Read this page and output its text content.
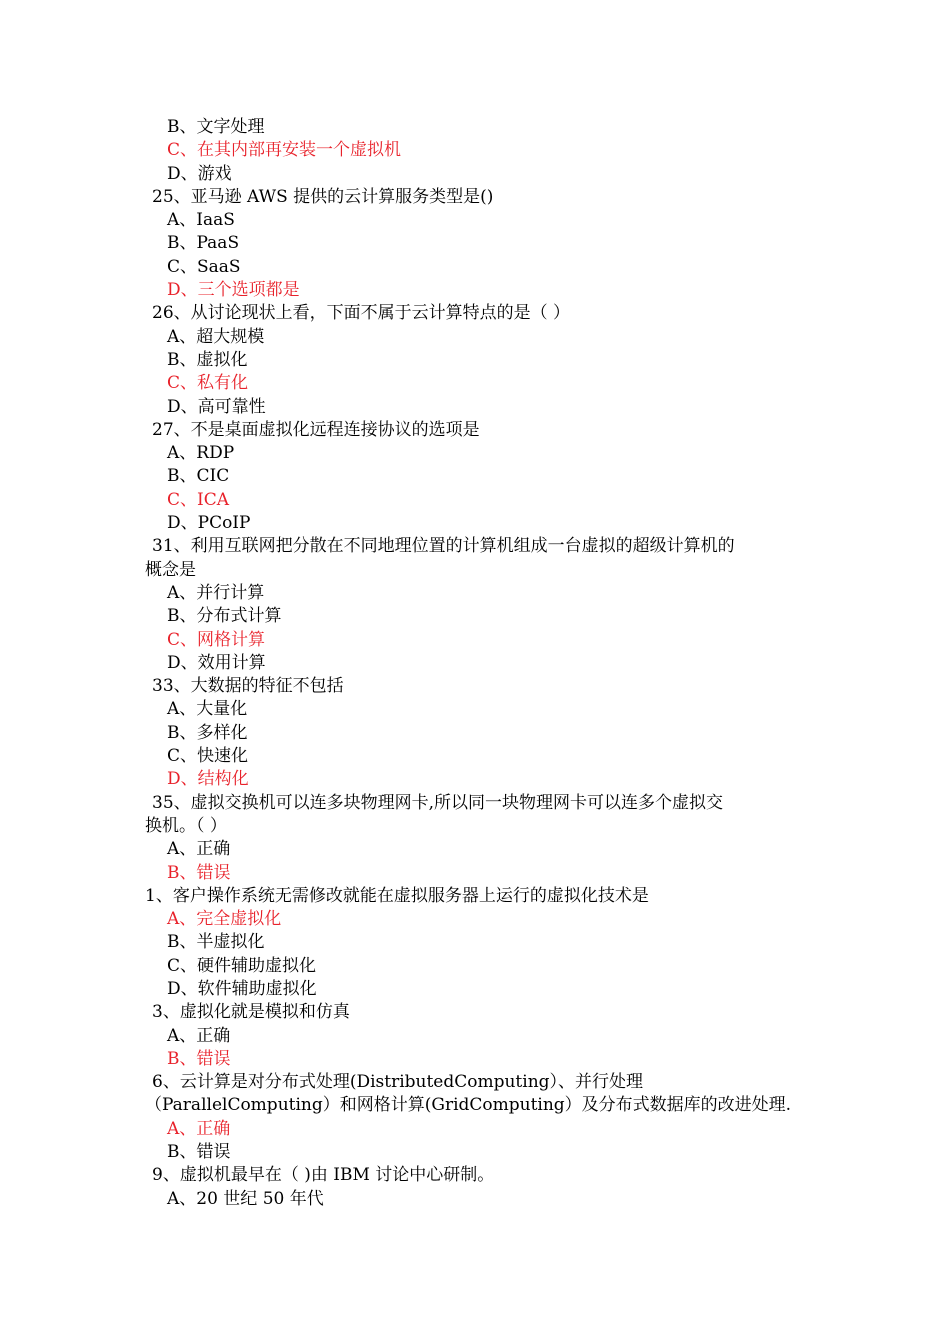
B、文字处理
C、在其内部再安装一个虚拟机
D、游戏
25、亚马逊 AWS 提供的云计算服务类型是()
A、IaaS
B、PaaS
C、SaaS
D、三个选项都是
26、从讨论现状上看，下面不属于云计算特点的是（ ）
A、超大规模
B、虚拟化
C、私有化
D、高可靠性
27、不是桌面虚拟化远程连接协议的选项是
A、RDP
B、CIC
C、ICA
D、PCoIP
31、利用互联网把分散在不同地理位置的计算机组成一台虚拟的超级计算机的
概念是
A、并行计算
B、分布式计算
C、网格计算
D、效用计算
33、大数据的特征不包括
A、大量化
B、多样化
C、快速化
D、结构化
35、虚拟交换机可以连多块物理网卡,所以同一块物理网卡可以连多个虚拟交
换机。（ ）
A、正确
B、错误
1、客户操作系统无需修改就能在虚拟服务器上运行的虚拟化技术是
A、完全虚拟化
B、半虚拟化
C、硬件辅助虚拟化
D、软件辅助虚拟化
3、虚拟化就是模拟和仿真
A、正确
B、错误
6、云计算是对分布式处理(DistributedComputing）、并行处理
（ParallelComputing）和网格计算(GridComputing）及分布式数据库的改进处理.
A、正确
B、错误
9、虚拟机最早在（ )由 IBM 讨论中心研制。
A、20 世纪 50 年代
